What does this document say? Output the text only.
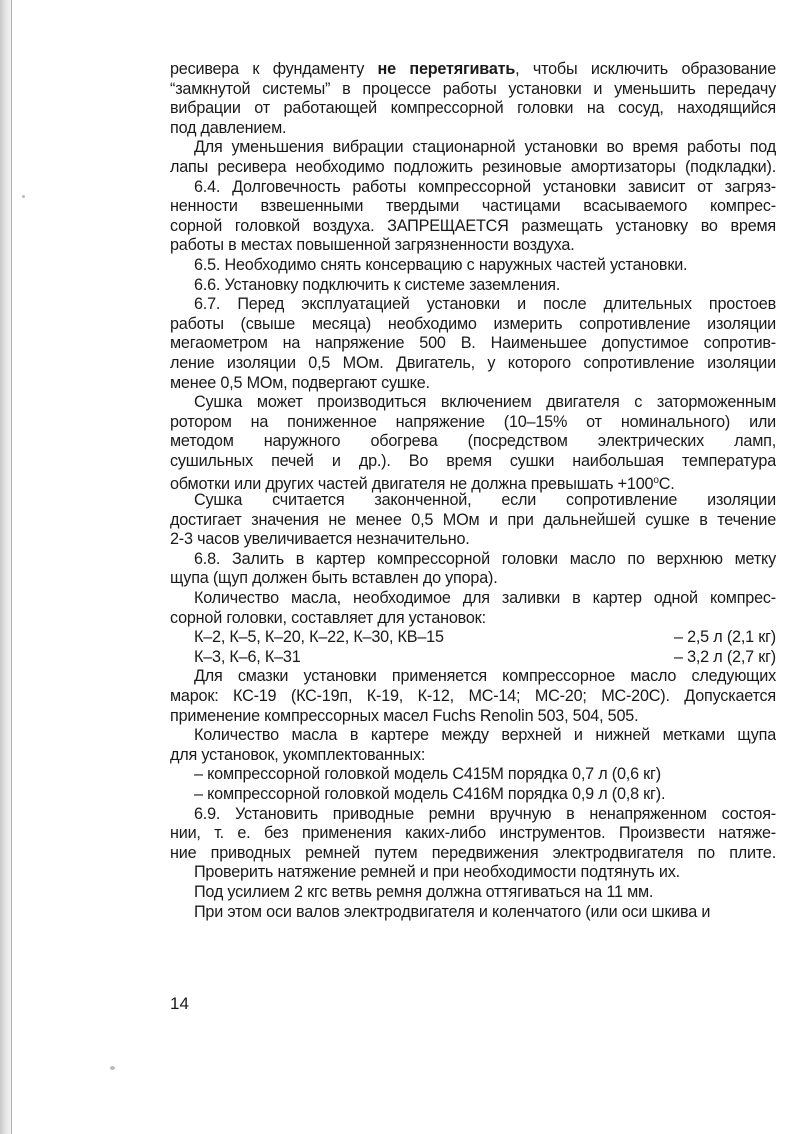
ресивера к фундаменту не перетягивать, чтобы исключить образование
“замкнутой системы” в процессе работы установки и уменьшить передачу
вибрации от работающей компрессорной головки на сосуд, находящийся
под давлением.
Для уменьшения вибрации стационарной установки во время работы под
лапы ресивера необходимо подложить резиновые амортизаторы (подкладки).
6.4. Долговечность работы компрессорной установки зависит от загряз-
ненности взвешенными твердыми частицами всасываемого компрес-
сорной головкой воздуха. ЗАПРЕЩАЕТСЯ размещать установку во время
работы в местах повышенной загрязненности воздуха.
6.5. Необходимо снять консервацию с наружных частей установки.
6.6. Установку подключить к системе заземления.
6.7. Перед эксплуатацией установки и после длительных простоев
работы (свыше месяца) необходимо измерить сопротивление изоляции
мегаометром на напряжение 500 В. Наименьшее допустимое сопротив-
ление изоляции 0,5 МОм. Двигатель, у которого сопротивление изоляции
менее 0,5 МОм, подвергают сушке.
Сушка может производиться включением двигателя с заторможенным
ротором на пониженное напряжение (10–15% от номинального) или
методом наружного обогрева (посредством электрических ламп,
сушильных печей и др.). Во время сушки наибольшая температура
обмотки или других частей двигателя не должна превышать $+100^oC$.
Сушка считается законченной, если сопротивление изоляции
достигает значения не менее 0,5 МОм и при дальнейшей сушке в течение
2-3 часов увеличивается незначительно.
6.8. Залить в картер компрессорной головки масло по верхнюю метку
щупа (щуп должен быть вставлен до упора).
Количество масла, необходимое для заливки в картер одной компрес-
сорной головки, составляет для установок:
К–2, К–5, К–20, К–22, К–30, КВ–15	– 2,5 л (2,1 кг)
К–3, К–6, К–31	– 3,2 л (2,7 кг)
Для смазки установки применяется компрессорное масло следующих
марок: КС-19 (КС-19п, К-19, К-12, МС-14; МС-20; МС-20С). Допускается
применение компрессорных масел Fuchs Renolin 503, 504, 505.
Количество масла в картере между верхней и нижней метками щупа
для установок, укомплектованных:
– компрессорной головкой модель С415М порядка 0,7 л (0,6 кг)
– компрессорной головкой модель С416М порядка 0,9 л (0,8 кг).
6.9. Установить приводные ремни вручную в ненапряженном состоя-
нии, т. е. без применения каких-либо инструментов. Произвести натяже-
ние приводных ремней путем передвижения электродвигателя по плите.
Проверить натяжение ремней и при необходимости подтянуть их.
Под усилием 2 кгс ветвь ремня должна оттягиваться на 11 мм.
При этом оси валов электродвигателя и коленчатого (или оси шкива и
14
